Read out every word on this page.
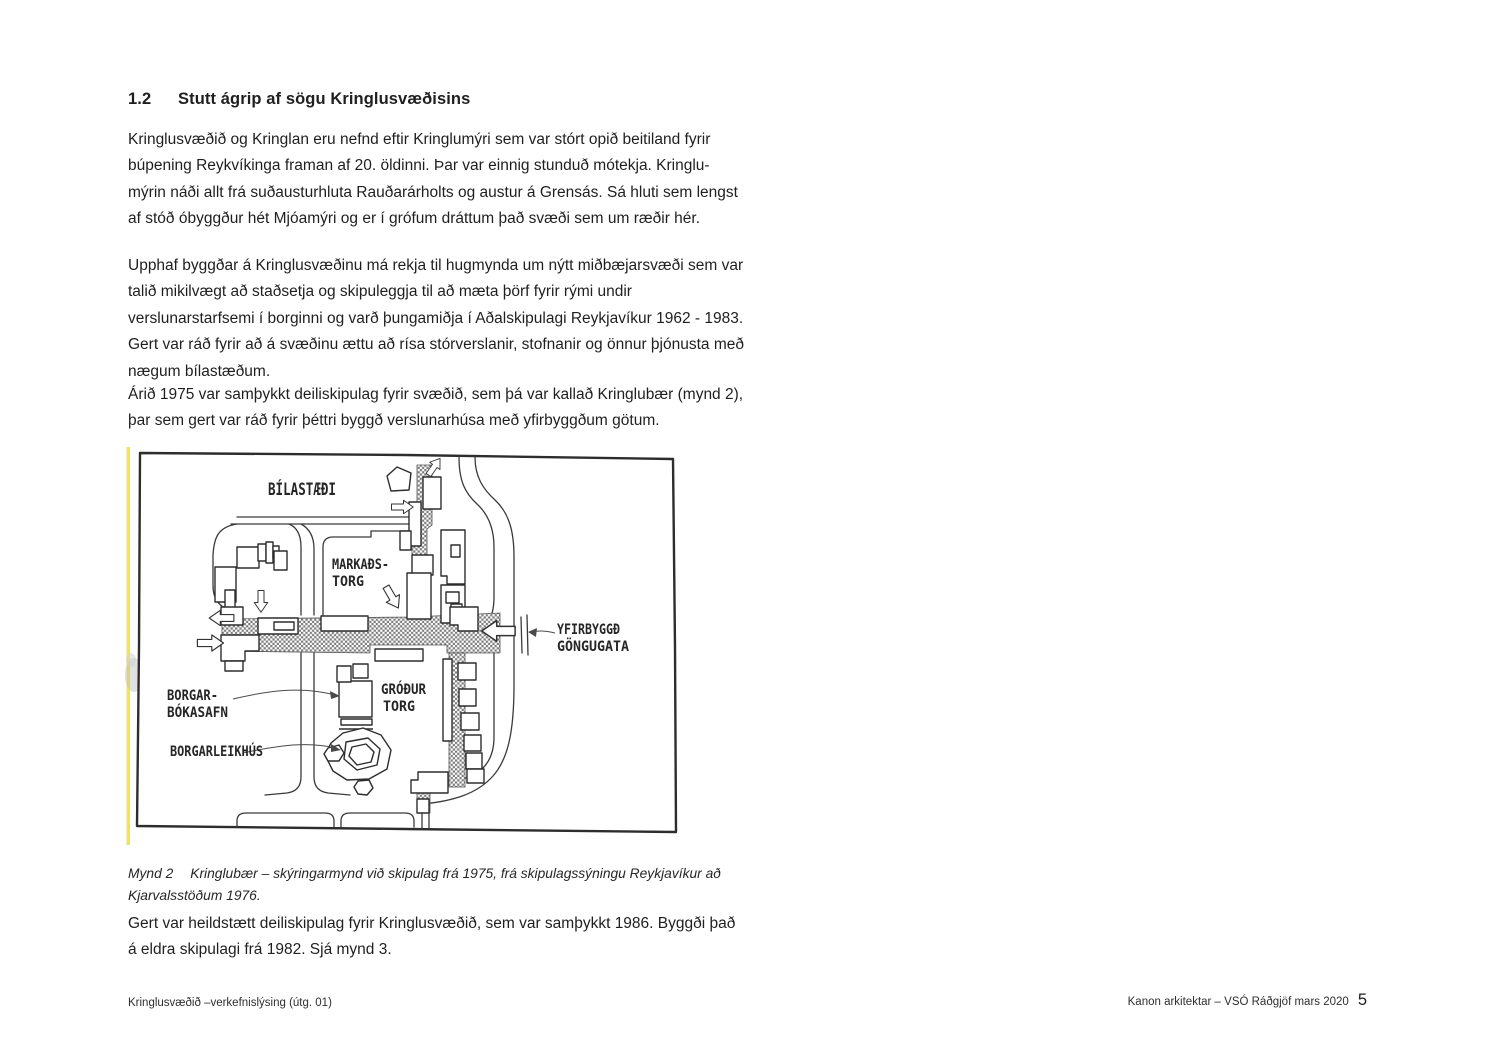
1.2	Stutt ágrip af sögu Kringlusvæðisins

Kringlusvæðið og Kringlan eru nefnd eftir Kringlumýri sem var stórt opið beitiland fyrir búpening Reykvíkinga framan af 20. öldinni. Þar var einnig stunduð mótekja. Kringlu-mýrin náði allt frá suðausturhluta Rauðarárholts og austur á Grensás. Sá hluti sem lengst af stóð óbyggður hét Mjóamýri og er í grófum dráttum það svæði sem um ræðir hér.

Upphaf byggðar á Kringlusvæðinu má rekja til hugmynda um nýtt miðbæjarsvæði sem var talið mikilvægt að staðsetja og skipuleggja til að mæta þörf fyrir rými undir verslunarstarfsemi í borginni og varð þungamiðja í Aðalskipulagi Reykjavíkur 1962 - 1983. Gert var ráð fyrir að á svæðinu ættu að rísa stórverslanir, stofnanir og önnur þjónusta með nægum bílastæðum.

Árið 1975 var samþykkt deiliskipulag fyrir svæðið, sem þá var kallað Kringlubær (mynd 2), þar sem gert var ráð fyrir þéttri byggð verslunarhúsa með yfirbyggðum götum.

BÍLASTÆÐI
MARKAÐS-
TORG
YFIRBYGGÐ
GÖNGUGATA
GRÓÐUR
TORG
BORGAR-
BÓKASAFN
BORGARLEIKHÚS

Mynd 2 Kringlubær – skýringarmynd við skipulag frá 1975, frá skipulagssýningu Reykjavíkur að Kjarvalsstöðum 1976.

Gert var heildstætt deiliskipulag fyrir Kringlusvæðið, sem var samþykkt 1986. Byggði það á eldra skipulagi frá 1982. Sjá mynd 3.

Kringlusvæðið –verkefnislýsing (útg. 01)	Kanon arkitektar – VSÓ Ráðgjöf mars 2020 5
